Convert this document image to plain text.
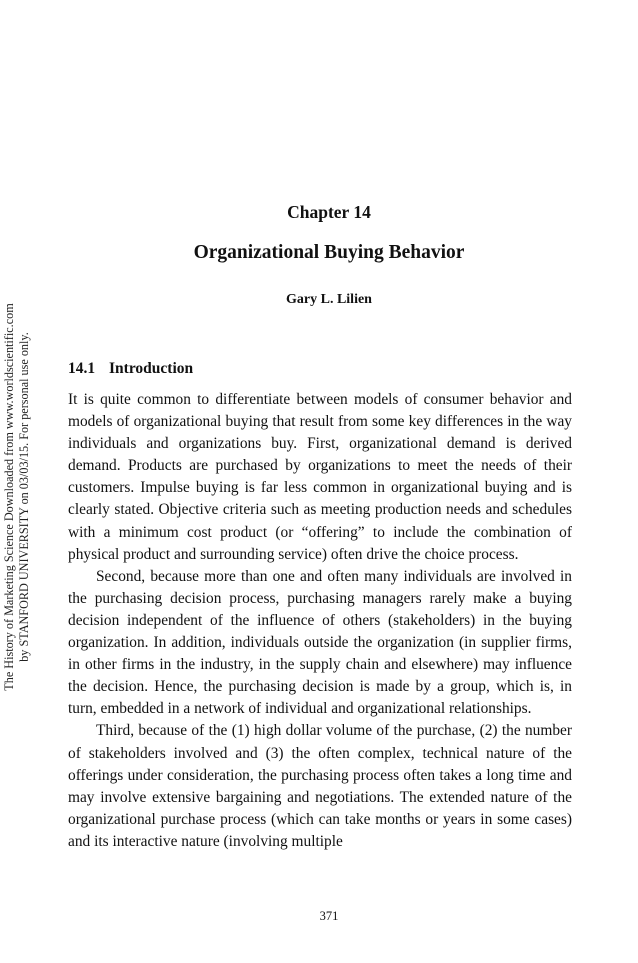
The History of Marketing Science Downloaded from www.worldscientific.com by STANFORD UNIVERSITY on 03/03/15. For personal use only.
Chapter 14
Organizational Buying Behavior
Gary L. Lilien
14.1 Introduction

It is quite common to differentiate between models of consumer behavior and models of organizational buying that result from some key differences in the way individuals and organizations buy. First, organizational demand is derived demand. Products are purchased by organizations to meet the needs of their customers. Impulse buying is far less common in organizational buying and is clearly stated. Objective criteria such as meeting production needs and schedules with a minimum cost product (or “offering” to include the combination of physical product and surrounding service) often drive the choice process.

Second, because more than one and often many individuals are involved in the purchasing decision process, purchasing managers rarely make a buying decision independent of the influence of others (stakeholders) in the buying organization. In addition, individuals outside the organization (in supplier firms, in other firms in the industry, in the supply chain and elsewhere) may influence the decision. Hence, the purchasing decision is made by a group, which is, in turn, embedded in a network of individual and organizational relationships.

Third, because of the (1) high dollar volume of the purchase, (2) the number of stakeholders involved and (3) the often complex, technical nature of the offerings under consideration, the purchasing process often takes a long time and may involve extensive bargaining and negotiations. The extended nature of the organizational purchase process (which can take months or years in some cases) and its interactive nature (involving multiple

371
